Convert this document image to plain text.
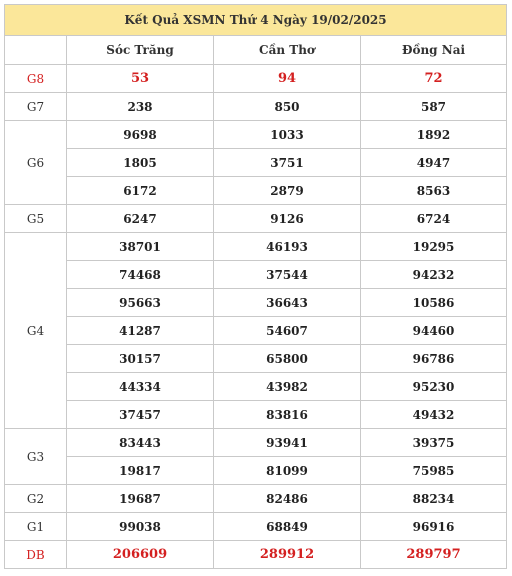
Kết Quả XSMN Thứ 4 Ngày 19/02/2025			
	Sóc Trăng	Cần Thơ	Đồng Nai
G8	53	94	72
G7	238	850	587
G6	9698	1033	1892
	1805	3751	4947
	6172	2879	8563
G5	6247	9126	6724
G4	38701	46193	19295
	74468	37544	94232
	95663	36643	10586
	41287	54607	94460
	30157	65800	96786
	44334	43982	95230
	37457	83816	49432
G3	83443	93941	39375
	19817	81099	75985
G2	19687	82486	88234
G1	99038	68849	96916
DB	206609	289912	289797
